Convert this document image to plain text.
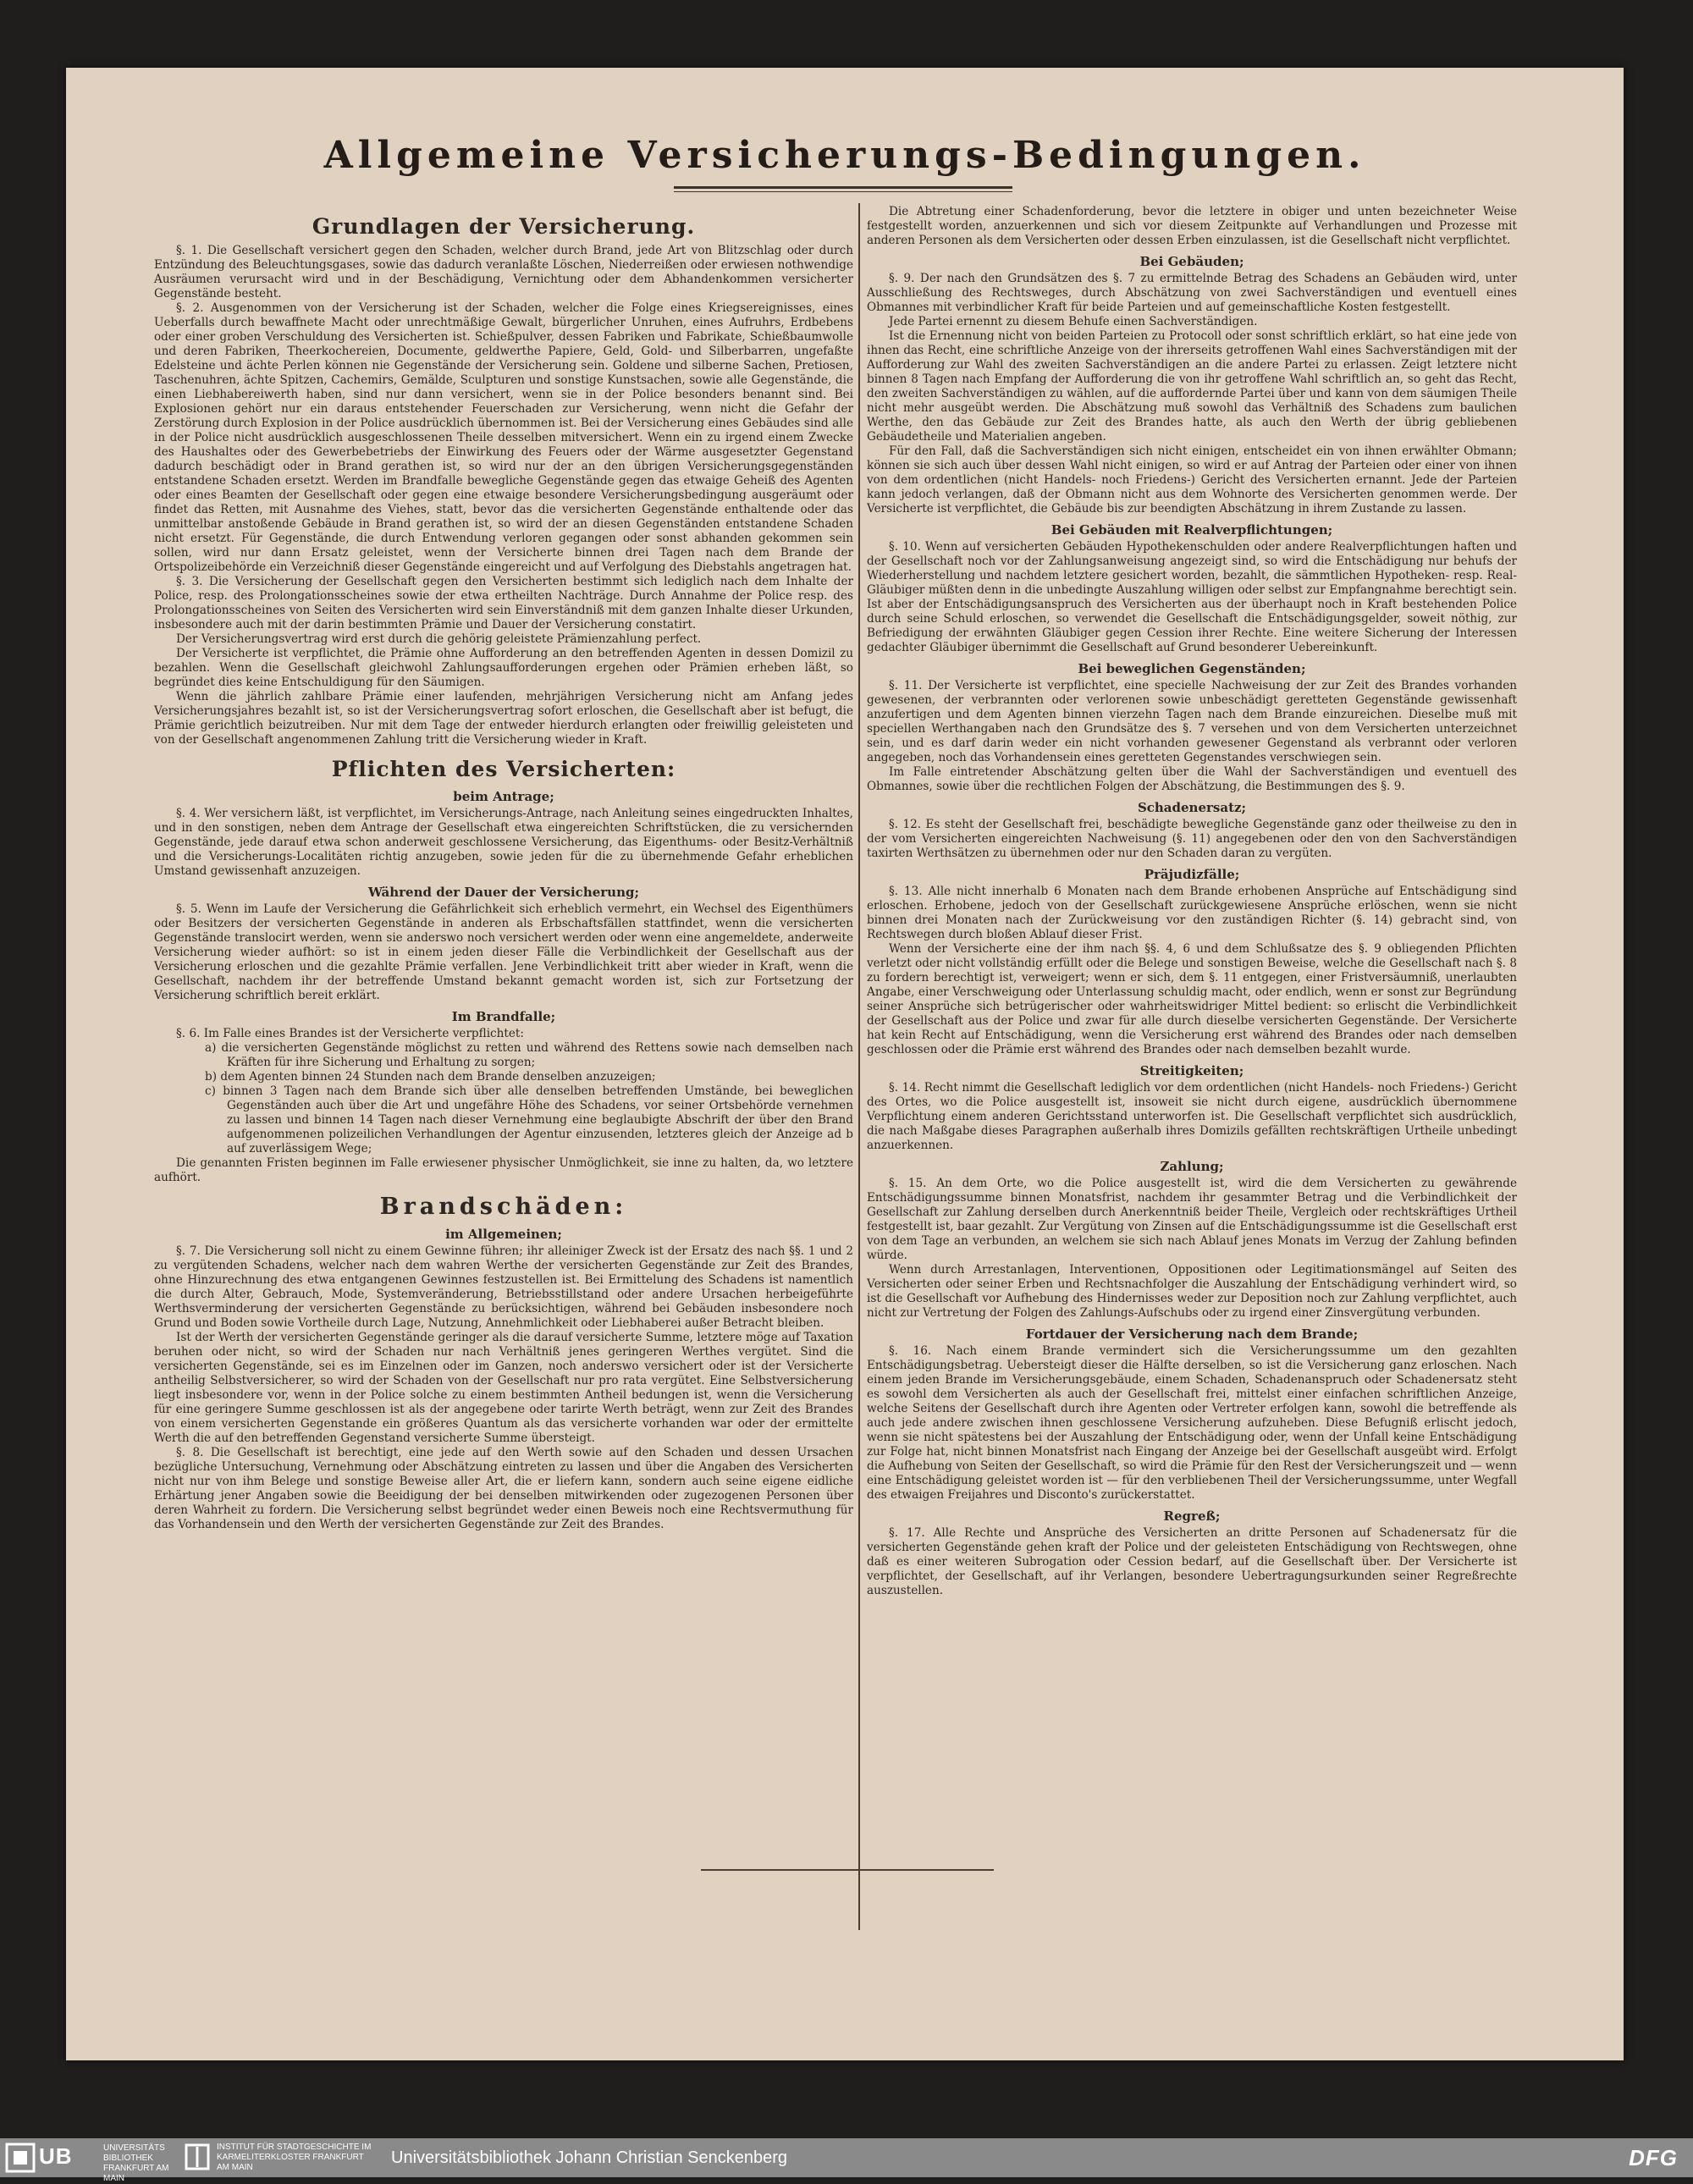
Allgemeine Versicherungs-Bedingungen.
Grundlagen der Versicherung.

§. 1. Die Gesellschaft versichert gegen den Schaden, welcher durch Brand, jede Art von Blitzschlag oder durch Entzündung des Beleuchtungsgases, sowie das dadurch veranlaßte Löschen, Niederreißen oder erwiesen nothwendige Ausräumen verursacht wird und in der Beschädigung, Vernichtung oder dem Abhandenkommen versicherter Gegenstände besteht.

§. 2. Ausgenommen von der Versicherung ist der Schaden, welcher die Folge eines Kriegsereignisses, eines Ueberfalls durch bewaffnete Macht oder unrechtmäßige Gewalt, bürgerlicher Unruhen, eines Aufruhrs, Erdbebens oder einer groben Verschuldung des Versicherten ist. Schießpulver, dessen Fabriken und Fabrikate, Schießbaumwolle und deren Fabriken, Theerkochereien, Documente, geldwerthe Papiere, Geld, Gold- und Silberbarren, ungefaßte Edelsteine und ächte Perlen können nie Gegenstände der Versicherung sein. Goldene und silberne Sachen, Pretiosen, Taschenuhren, ächte Spitzen, Cachemirs, Gemälde, Sculpturen und sonstige Kunstsachen, sowie alle Gegenstände, die einen Liebhabereiwerth haben, sind nur dann versichert, wenn sie in der Police besonders benannt sind. Bei Explosionen gehört nur ein daraus entstehender Feuerschaden zur Versicherung, wenn nicht die Gefahr der Zerstörung durch Explosion in der Police ausdrücklich übernommen ist. Bei der Versicherung eines Gebäudes sind alle in der Police nicht ausdrücklich ausgeschlossenen Theile desselben mitversichert. Wenn ein zu irgend einem Zwecke des Haushaltes oder des Gewerbebetriebs der Einwirkung des Feuers oder der Wärme ausgesetzter Gegenstand dadurch beschädigt oder in Brand gerathen ist, so wird nur der an den übrigen Versicherungsgegenständen entstandene Schaden ersetzt. Werden im Brandfalle bewegliche Gegenstände gegen das etwaige Geheiß des Agenten oder eines Beamten der Gesellschaft oder gegen eine etwaige besondere Versicherungsbedingung ausgeräumt oder findet das Retten, mit Ausnahme des Viehes, statt, bevor das die versicherten Gegenstände enthaltende oder das unmittelbar anstoßende Gebäude in Brand gerathen ist, so wird der an diesen Gegenständen entstandene Schaden nicht ersetzt. Für Gegenstände, die durch Entwendung verloren gegangen oder sonst abhanden gekommen sein sollen, wird nur dann Ersatz geleistet, wenn der Versicherte binnen drei Tagen nach dem Brande der Ortspolizeibehörde ein Verzeichniß dieser Gegenstände eingereicht und auf Verfolgung des Diebstahls angetragen hat.

§. 3. Die Versicherung der Gesellschaft gegen den Versicherten bestimmt sich lediglich nach dem Inhalte der Police, resp. des Prolongationsscheines sowie der etwa ertheilten Nachträge. Durch Annahme der Police resp. des Prolongationsscheines von Seiten des Versicherten wird sein Einverständniß mit dem ganzen Inhalte dieser Urkunden, insbesondere auch mit der darin bestimmten Prämie und Dauer der Versicherung constatirt.

Der Versicherungsvertrag wird erst durch die gehörig geleistete Prämienzahlung perfect.

Der Versicherte ist verpflichtet, die Prämie ohne Aufforderung an den betreffenden Agenten in dessen Domizil zu bezahlen. Wenn die Gesellschaft gleichwohl Zahlungsaufforderungen ergehen oder Prämien erheben läßt, so begründet dies keine Entschuldigung für den Säumigen.

Wenn die jährlich zahlbare Prämie einer laufenden, mehrjährigen Versicherung nicht am Anfang jedes Versicherungsjahres bezahlt ist, so ist der Versicherungsvertrag sofort erloschen, die Gesellschaft aber ist befugt, die Prämie gerichtlich beizutreiben. Nur mit dem Tage der entweder hierdurch erlangten oder freiwillig geleisteten und von der Gesellschaft angenommenen Zahlung tritt die Versicherung wieder in Kraft.

Pflichten des Versicherten:
beim Antrage;

§. 4. Wer versichern läßt, ist verpflichtet, im Versicherungs-Antrage, nach Anleitung seines eingedruckten Inhaltes, und in den sonstigen, neben dem Antrage der Gesellschaft etwa eingereichten Schriftstücken, die zu versichernden Gegenstände, jede darauf etwa schon anderweit geschlossene Versicherung, das Eigenthums- oder Besitz-Verhältniß und die Versicherungs-Localitäten richtig anzugeben, sowie jeden für die zu übernehmende Gefahr erheblichen Umstand gewissenhaft anzuzeigen.

Während der Dauer der Versicherung;

§. 5. Wenn im Laufe der Versicherung die Gefährlichkeit sich erheblich vermehrt, ein Wechsel des Eigenthümers oder Besitzers der versicherten Gegenstände in anderen als Erbschaftsfällen stattfindet, wenn die versicherten Gegenstände translocirt werden, wenn sie anderswo noch versichert werden oder wenn eine angemeldete, anderweite Versicherung wieder aufhört: so ist in einem jeden dieser Fälle die Verbindlichkeit der Gesellschaft aus der Versicherung erloschen und die gezahlte Prämie verfallen. Jene Verbindlichkeit tritt aber wieder in Kraft, wenn die Gesellschaft, nachdem ihr der betreffende Umstand bekannt gemacht worden ist, sich zur Fortsetzung der Versicherung schriftlich bereit erklärt.

Im Brandfalle;

§. 6. Im Falle eines Brandes ist der Versicherte verpflichtet:

a) die versicherten Gegenstände möglichst zu retten und während des Rettens sowie nach demselben nach Kräften für ihre Sicherung und Erhaltung zu sorgen;

b) dem Agenten binnen 24 Stunden nach dem Brande denselben anzuzeigen;

c) binnen 3 Tagen nach dem Brande sich über alle denselben betreffenden Umstände, bei beweglichen Gegenständen auch über die Art und ungefähre Höhe des Schadens, vor seiner Ortsbehörde vernehmen zu lassen und binnen 14 Tagen nach dieser Vernehmung eine beglaubigte Abschrift der über den Brand aufgenommenen polizeilichen Verhandlungen der Agentur einzusenden, letzteres gleich der Anzeige ad b auf zuverlässigem Wege;

Die genannten Fristen beginnen im Falle erwiesener physischer Unmöglichkeit, sie inne zu halten, da, wo letztere aufhört.

Brandschäden:
im Allgemeinen;

§. 7. Die Versicherung soll nicht zu einem Gewinne führen; ihr alleiniger Zweck ist der Ersatz des nach §§. 1 und 2 zu vergütenden Schadens, welcher nach dem wahren Werthe der versicherten Gegenstände zur Zeit des Brandes, ohne Hinzurechnung des etwa entgangenen Gewinnes festzustellen ist. Bei Ermittelung des Schadens ist namentlich die durch Alter, Gebrauch, Mode, Systemveränderung, Betriebsstillstand oder andere Ursachen herbeigeführte Werthsverminderung der versicherten Gegenstände zu berücksichtigen, während bei Gebäuden insbesondere noch Grund und Boden sowie Vortheile durch Lage, Nutzung, Annehmlichkeit oder Liebhaberei außer Betracht bleiben.

Ist der Werth der versicherten Gegenstände geringer als die darauf versicherte Summe, letztere möge auf Taxation beruhen oder nicht, so wird der Schaden nur nach Verhältniß jenes geringeren Werthes vergütet. Sind die versicherten Gegenstände, sei es im Einzelnen oder im Ganzen, noch anderswo versichert oder ist der Versicherte antheilig Selbstversicherer, so wird der Schaden von der Gesellschaft nur pro rata vergütet. Eine Selbstversicherung liegt insbesondere vor, wenn in der Police solche zu einem bestimmten Antheil bedungen ist, wenn die Versicherung für eine geringere Summe geschlossen ist als der angegebene oder tarirte Werth beträgt, wenn zur Zeit des Brandes von einem versicherten Gegenstande ein größeres Quantum als das versicherte vorhanden war oder der ermittelte Werth die auf den betreffenden Gegenstand versicherte Summe übersteigt.

§. 8. Die Gesellschaft ist berechtigt, eine jede auf den Werth sowie auf den Schaden und dessen Ursachen bezügliche Untersuchung, Vernehmung oder Abschätzung eintreten zu lassen und über die Angaben des Versicherten nicht nur von ihm Belege und sonstige Beweise aller Art, die er liefern kann, sondern auch seine eigene eidliche Erhärtung jener Angaben sowie die Beeidigung der bei denselben mitwirkenden oder zugezogenen Personen über deren Wahrheit zu fordern. Die Versicherung selbst begründet weder einen Beweis noch eine Rechtsvermuthung für das Vorhandensein und den Werth der versicherten Gegenstände zur Zeit des Brandes.

Die Abtretung einer Schadenforderung, bevor die letztere in obiger und unten bezeichneter Weise festgestellt worden, anzuerkennen und sich vor diesem Zeitpunkte auf Verhandlungen und Prozesse mit anderen Personen als dem Versicherten oder dessen Erben einzulassen, ist die Gesellschaft nicht verpflichtet.

Bei Gebäuden;

§. 9. Der nach den Grundsätzen des §. 7 zu ermittelnde Betrag des Schadens an Gebäuden wird, unter Ausschließung des Rechtsweges, durch Abschätzung von zwei Sachverständigen und eventuell eines Obmannes mit verbindlicher Kraft für beide Parteien und auf gemeinschaftliche Kosten festgestellt.

Jede Partei ernennt zu diesem Behufe einen Sachverständigen.

Ist die Ernennung nicht von beiden Parteien zu Protocoll oder sonst schriftlich erklärt, so hat eine jede von ihnen das Recht, eine schriftliche Anzeige von der ihrerseits getroffenen Wahl eines Sachverständigen mit der Aufforderung zur Wahl des zweiten Sachverständigen an die andere Partei zu erlassen. Zeigt letztere nicht binnen 8 Tagen nach Empfang der Aufforderung die von ihr getroffene Wahl schriftlich an, so geht das Recht, den zweiten Sachverständigen zu wählen, auf die auffordernde Partei über und kann von dem säumigen Theile nicht mehr ausgeübt werden. Die Abschätzung muß sowohl das Verhältniß des Schadens zum baulichen Werthe, den das Gebäude zur Zeit des Brandes hatte, als auch den Werth der übrig gebliebenen Gebäudetheile und Materialien angeben.

Für den Fall, daß die Sachverständigen sich nicht einigen, entscheidet ein von ihnen erwählter Obmann; können sie sich auch über dessen Wahl nicht einigen, so wird er auf Antrag der Parteien oder einer von ihnen von dem ordentlichen (nicht Handels- noch Friedens-) Gericht des Versicherten ernannt. Jede der Parteien kann jedoch verlangen, daß der Obmann nicht aus dem Wohnorte des Versicherten genommen werde. Der Versicherte ist verpflichtet, die Gebäude bis zur beendigten Abschätzung in ihrem Zustande zu lassen.

Bei Gebäuden mit Realverpflichtungen;

§. 10. Wenn auf versicherten Gebäuden Hypothekenschulden oder andere Realverpflichtungen haften und der Gesellschaft noch vor der Zahlungsanweisung angezeigt sind, so wird die Entschädigung nur behufs der Wiederherstellung und nachdem letztere gesichert worden, bezahlt, die sämmtlichen Hypotheken- resp. Real-Gläubiger müßten denn in die unbedingte Auszahlung willigen oder selbst zur Empfangnahme berechtigt sein. Ist aber der Entschädigungsanspruch des Versicherten aus der überhaupt noch in Kraft bestehenden Police durch seine Schuld erloschen, so verwendet die Gesellschaft die Entschädigungsgelder, soweit nöthig, zur Befriedigung der erwähnten Gläubiger gegen Cession ihrer Rechte. Eine weitere Sicherung der Interessen gedachter Gläubiger übernimmt die Gesellschaft auf Grund besonderer Uebereinkunft.

Bei beweglichen Gegenständen;

§. 11. Der Versicherte ist verpflichtet, eine specielle Nachweisung der zur Zeit des Brandes vorhanden gewesenen, der verbrannten oder verlorenen sowie unbeschädigt geretteten Gegenstände gewissenhaft anzufertigen und dem Agenten binnen vierzehn Tagen nach dem Brande einzureichen. Dieselbe muß mit speciellen Werthangaben nach den Grundsätze des §. 7 versehen und von dem Versicherten unterzeichnet sein, und es darf darin weder ein nicht vorhanden gewesener Gegenstand als verbrannt oder verloren angegeben, noch das Vorhandensein eines geretteten Gegenstandes verschwiegen sein.

Im Falle eintretender Abschätzung gelten über die Wahl der Sachverständigen und eventuell des Obmannes, sowie über die rechtlichen Folgen der Abschätzung, die Bestimmungen des §. 9.

Schadenersatz;

§. 12. Es steht der Gesellschaft frei, beschädigte bewegliche Gegenstände ganz oder theilweise zu den in der vom Versicherten eingereichten Nachweisung (§. 11) angegebenen oder den von den Sachverständigen taxirten Werthsätzen zu übernehmen oder nur den Schaden daran zu vergüten.

Präjudizfälle;

§. 13. Alle nicht innerhalb 6 Monaten nach dem Brande erhobenen Ansprüche auf Entschädigung sind erloschen. Erhobene, jedoch von der Gesellschaft zurückgewiesene Ansprüche erlöschen, wenn sie nicht binnen drei Monaten nach der Zurückweisung vor den zuständigen Richter (§. 14) gebracht sind, von Rechtswegen durch bloßen Ablauf dieser Frist.

Wenn der Versicherte eine der ihm nach §§. 4, 6 und dem Schlußsatze des §. 9 obliegenden Pflichten verletzt oder nicht vollständig erfüllt oder die Belege und sonstigen Beweise, welche die Gesellschaft nach §. 8 zu fordern berechtigt ist, verweigert; wenn er sich, dem §. 11 entgegen, einer Fristversäumniß, unerlaubten Angabe, einer Verschweigung oder Unterlassung schuldig macht, oder endlich, wenn er sonst zur Begründung seiner Ansprüche sich betrügerischer oder wahrheitswidriger Mittel bedient: so erlischt die Verbindlichkeit der Gesellschaft aus der Police und zwar für alle durch dieselbe versicherten Gegenstände. Der Versicherte hat kein Recht auf Entschädigung, wenn die Versicherung erst während des Brandes oder nach demselben geschlossen oder die Prämie erst während des Brandes oder nach demselben bezahlt wurde.

Streitigkeiten;

§. 14. Recht nimmt die Gesellschaft lediglich vor dem ordentlichen (nicht Handels- noch Friedens-) Gericht des Ortes, wo die Police ausgestellt ist, insoweit sie nicht durch eigene, ausdrücklich übernommene Verpflichtung einem anderen Gerichtsstand unterworfen ist. Die Gesellschaft verpflichtet sich ausdrücklich, die nach Maßgabe dieses Paragraphen außerhalb ihres Domizils gefällten rechtskräftigen Urtheile unbedingt anzuerkennen.

Zahlung;

§. 15. An dem Orte, wo die Police ausgestellt ist, wird die dem Versicherten zu gewährende Entschädigungssumme binnen Monatsfrist, nachdem ihr gesammter Betrag und die Verbindlichkeit der Gesellschaft zur Zahlung derselben durch Anerkenntniß beider Theile, Vergleich oder rechtskräftiges Urtheil festgestellt ist, baar gezahlt. Zur Vergütung von Zinsen auf die Entschädigungssumme ist die Gesellschaft erst von dem Tage an verbunden, an welchem sie sich nach Ablauf jenes Monats im Verzug der Zahlung befinden würde.

Wenn durch Arrestanlagen, Interventionen, Oppositionen oder Legitimationsmängel auf Seiten des Versicherten oder seiner Erben und Rechtsnachfolger die Auszahlung der Entschädigung verhindert wird, so ist die Gesellschaft vor Aufhebung des Hindernisses weder zur Deposition noch zur Zahlung verpflichtet, auch nicht zur Vertretung der Folgen des Zahlungs-Aufschubs oder zu irgend einer Zinsvergütung verbunden.

Fortdauer der Versicherung nach dem Brande;

§. 16. Nach einem Brande vermindert sich die Versicherungssumme um den gezahlten Entschädigungsbetrag. Uebersteigt dieser die Hälfte derselben, so ist die Versicherung ganz erloschen. Nach einem jeden Brande im Versicherungsgebäude, einem Schaden, Schadenanspruch oder Schadenersatz steht es sowohl dem Versicherten als auch der Gesellschaft frei, mittelst einer einfachen schriftlichen Anzeige, welche Seitens der Gesellschaft durch ihre Agenten oder Vertreter erfolgen kann, sowohl die betreffende als auch jede andere zwischen ihnen geschlossene Versicherung aufzuheben. Diese Befugniß erlischt jedoch, wenn sie nicht spätestens bei der Auszahlung der Entschädigung oder, wenn der Unfall keine Entschädigung zur Folge hat, nicht binnen Monatsfrist nach Eingang der Anzeige bei der Gesellschaft ausgeübt wird. Erfolgt die Aufhebung von Seiten der Gesellschaft, so wird die Prämie für den Rest der Versicherungszeit und — wenn eine Entschädigung geleistet worden ist — für den verbliebenen Theil der Versicherungssumme, unter Wegfall des etwaigen Freijahres und Disconto's zurückerstattet.

Regreß;

§. 17. Alle Rechte und Ansprüche des Versicherten an dritte Personen auf Schadenersatz für die versicherten Gegenstände gehen kraft der Police und der geleisteten Entschädigung von Rechtswegen, ohne daß es einer weiteren Subrogation oder Cession bedarf, auf die Gesellschaft über. Der Versicherte ist verpflichtet, der Gesellschaft, auf ihr Verlangen, besondere Uebertragungsurkunden seiner Regreßrechte auszustellen.

UB	UNIVERSITÄTS BIBLIOTHEK FRANKFURT AM MAIN
INSTITUT FÜR STADTGESCHICHTE IM KARMELITERKLOSTER FRANKFURT AM MAIN
Universitätsbibliothek Johann Christian Senckenberg	DFG
